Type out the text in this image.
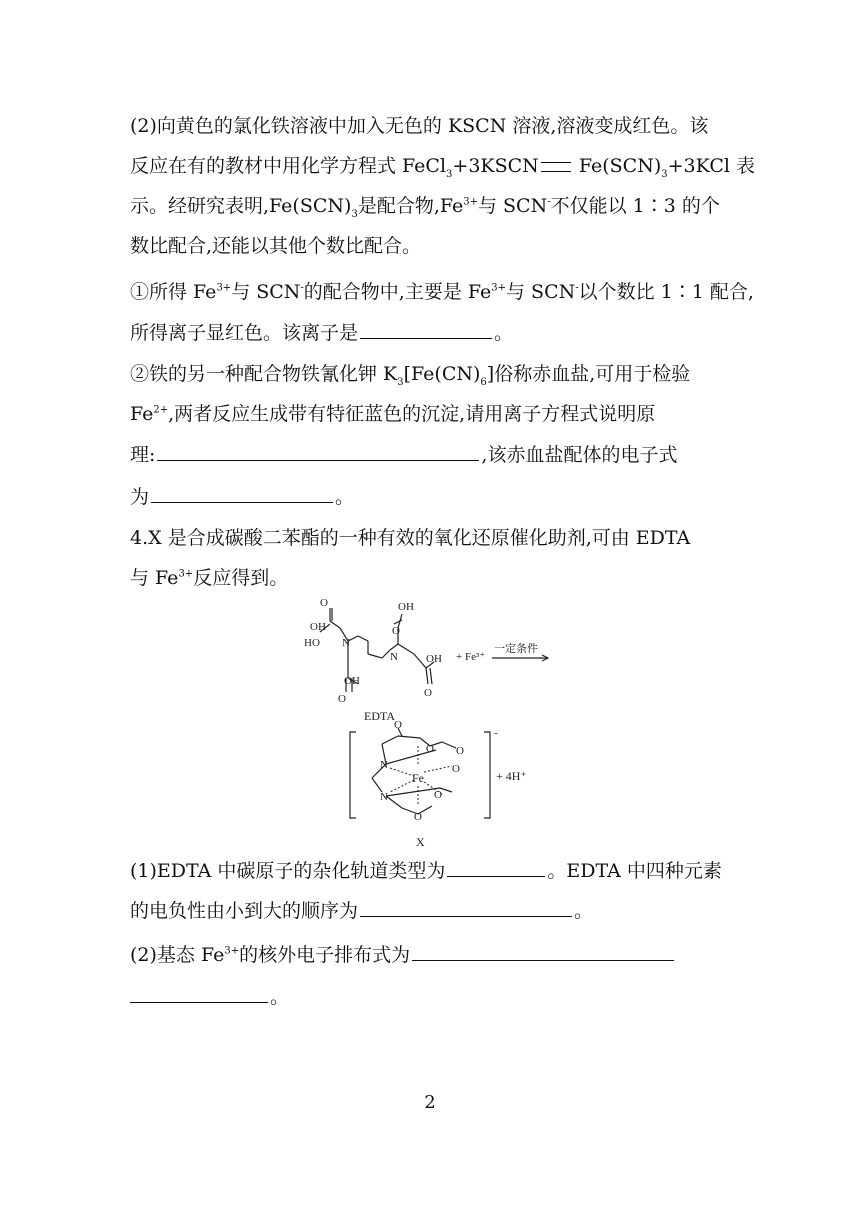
(2)向黄色的氯化铁溶液中加入无色的 KSCN 溶液,溶液变成红色。该
反应在有的教材中用化学方程式 FeCl$_3$+3KSCN $Fe(SCN)_3+3KCl$ 表
示。经研究表明$,Fe(SCN)_3$是配合物$,Fe^{3+}$与 SCN-不仅能以 1∶3 的个
数比配合,还能以其他个数比配合。
①所得 $Fe^{3+}$与 SCN-的配合物中,主要是 $Fe^{3+}$与 SCN-以个数比 1∶1 配合,
所得离子显红色。该离子是	。
②铁的另一种配合物铁氰化钾 $K_3[Fe(CN)_6]$俗称赤血盐,可用于检验
$Fe^{2+}$,两者反应生成带有特征蓝色的沉淀,请用离子方程式说明原
理:	,该赤血盐配体的电子式
为	。
4.X 是合成碳酸二苯酯的一种有效的氧化还原催化助剂,可由 EDTA
与 $Fe^{3+}$反应得到。
O
HO
OH
N
OH
O
N	OH
O
O
OH
EDTA
+ Fe³⁺
一定条件
O
O O
N
Fe
O
N	O
O
-
+ 4H⁺
X
(1)EDTA 中碳原子的杂化轨道类型为	。EDTA 中四种元素
的电负性由小到大的顺序为	。
(2)基态 $Fe^{3+}$的核外电子排布式为
。
2
